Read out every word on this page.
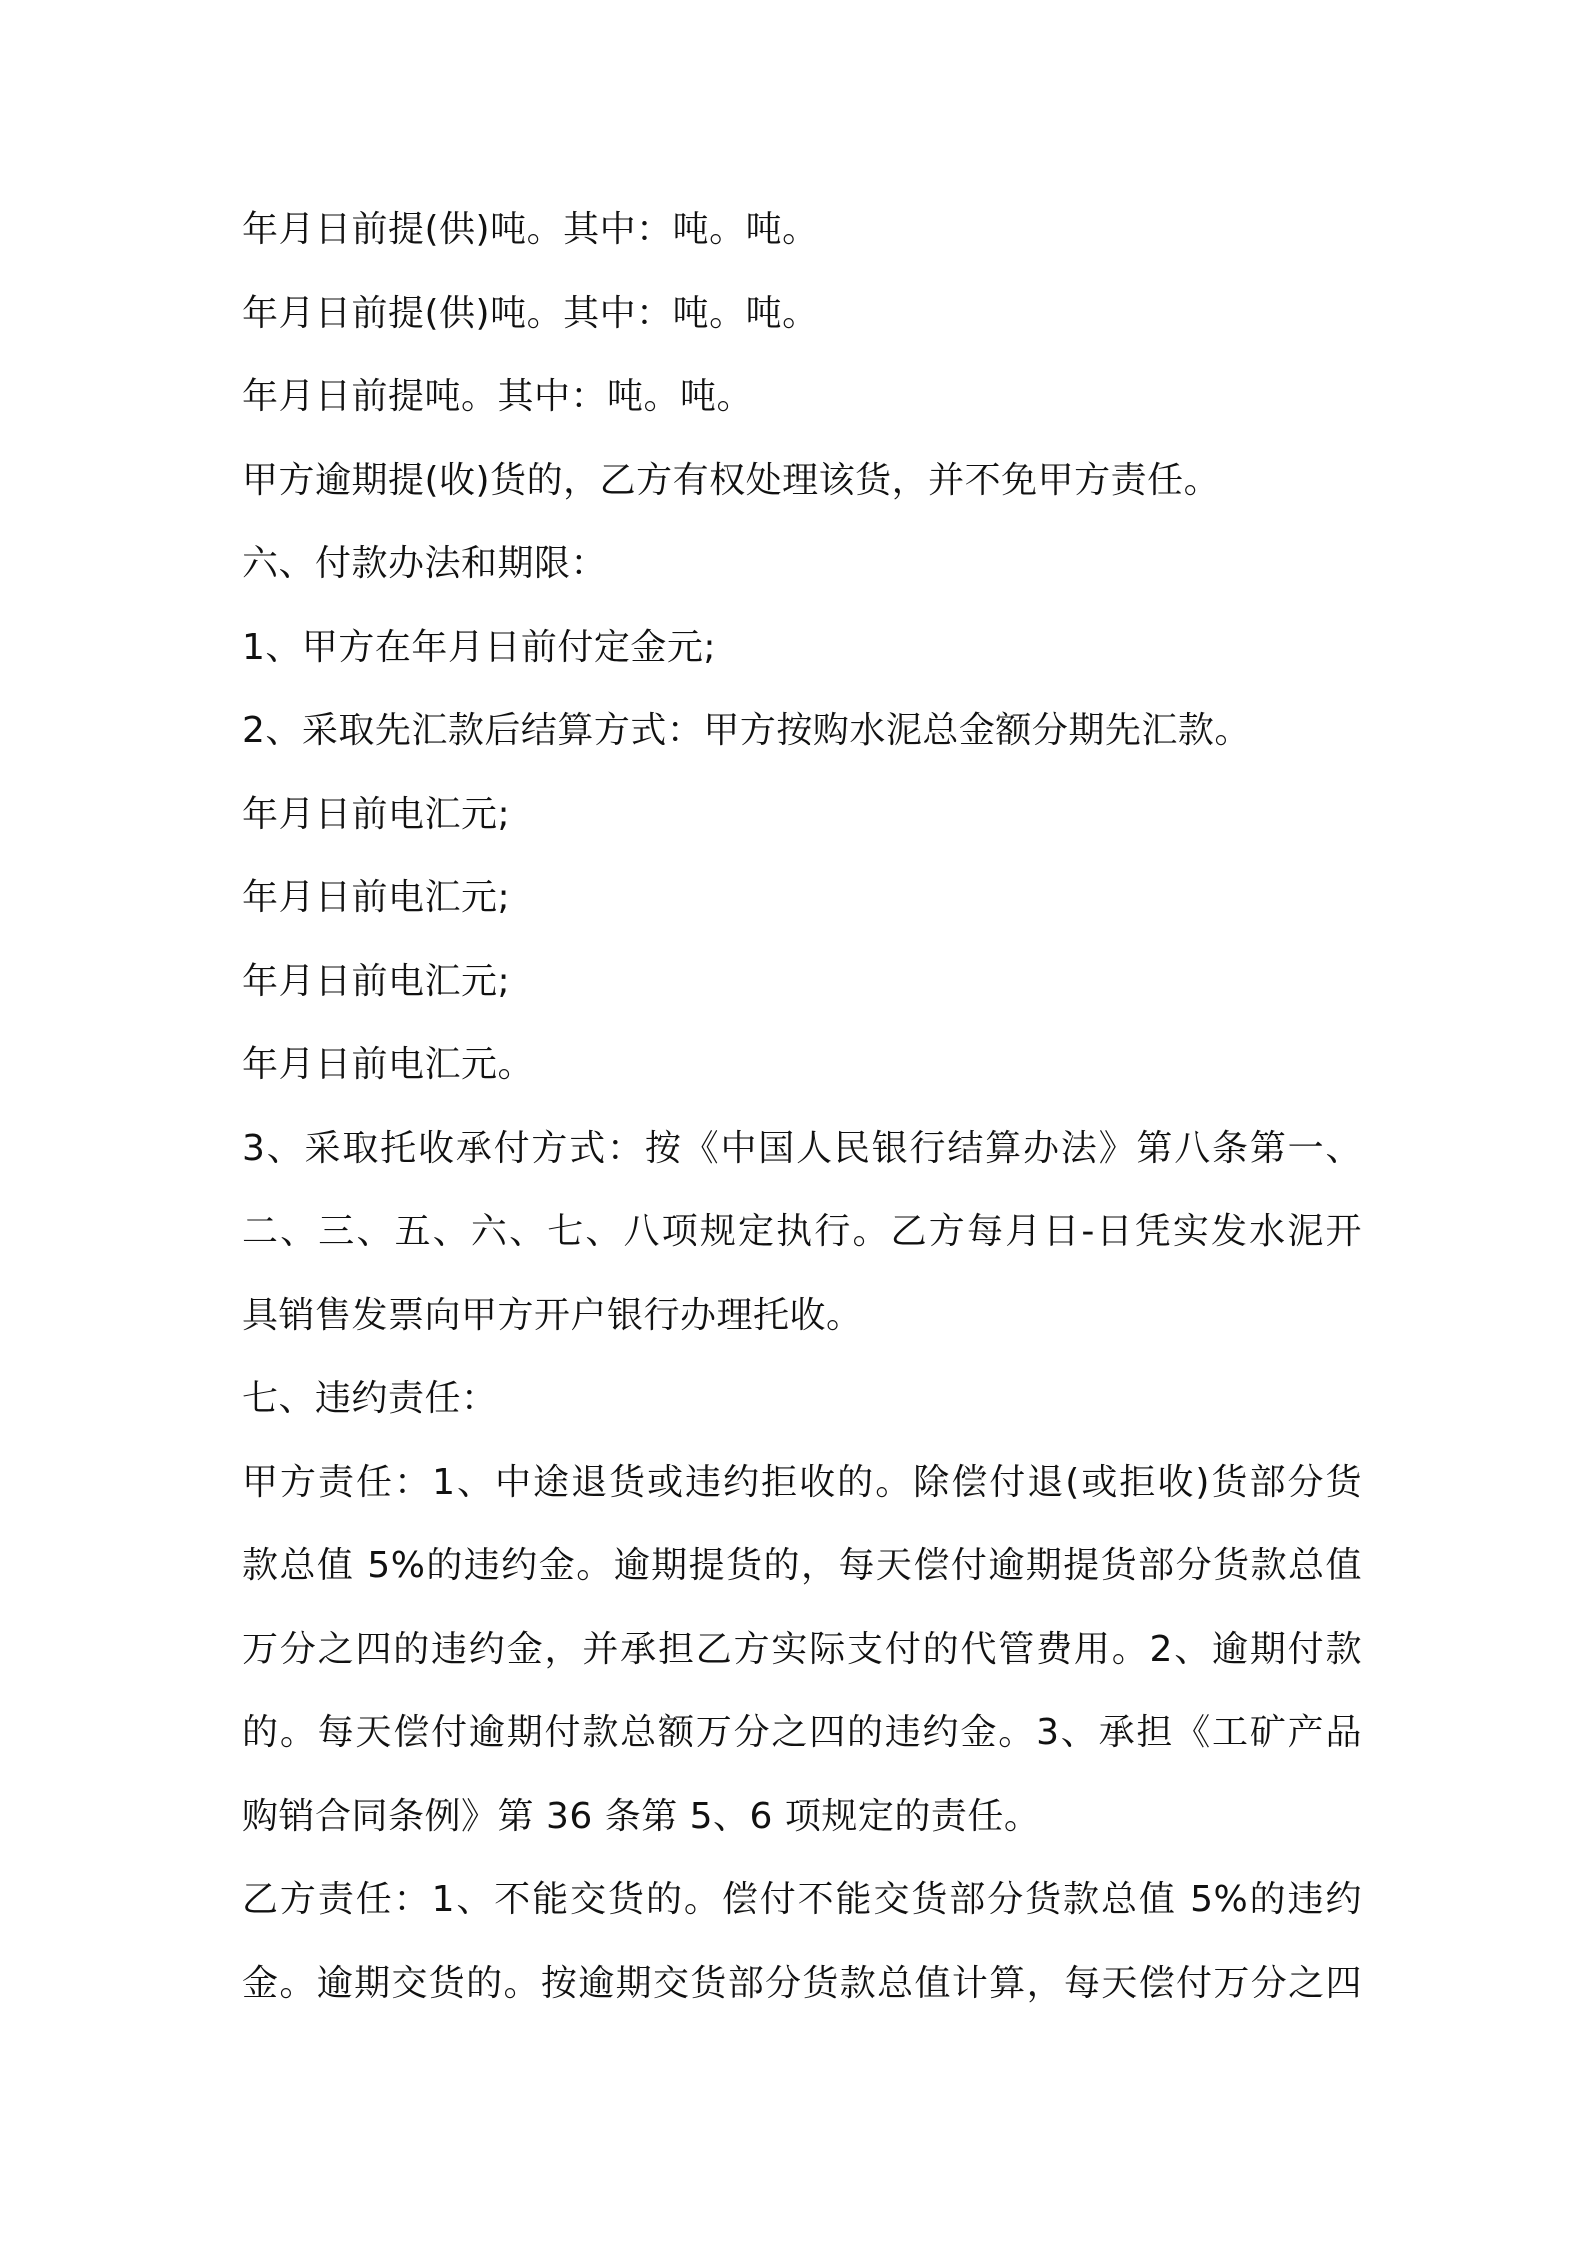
年月日前提(供)吨。其中：吨。吨。
年月日前提(供)吨。其中：吨。吨。
年月日前提吨。其中：吨。吨。
甲方逾期提(收)货的，乙方有权处理该货，并不免甲方责任。
六、付款办法和期限：
1、甲方在年月日前付定金元;
2、采取先汇款后结算方式：甲方按购水泥总金额分期先汇款。
年月日前电汇元;
年月日前电汇元;
年月日前电汇元;
年月日前电汇元。
3、采取托收承付方式：按《中国人民银行结算办法》第八条第一、
二、三、五、六、七、八项规定执行。乙方每月日-日凭实发水泥开
具销售发票向甲方开户银行办理托收。
七、违约责任：
甲方责任：1、中途退货或违约拒收的。除偿付退(或拒收)货部分货
款总值 5%的违约金。逾期提货的，每天偿付逾期提货部分货款总值
万分之四的违约金，并承担乙方实际支付的代管费用。2、逾期付款
的。每天偿付逾期付款总额万分之四的违约金。3、承担《工矿产品
购销合同条例》第 36 条第 5、6 项规定的责任。
乙方责任：1、不能交货的。偿付不能交货部分货款总值 5%的违约
金。逾期交货的。按逾期交货部分货款总值计算，每天偿付万分之四
